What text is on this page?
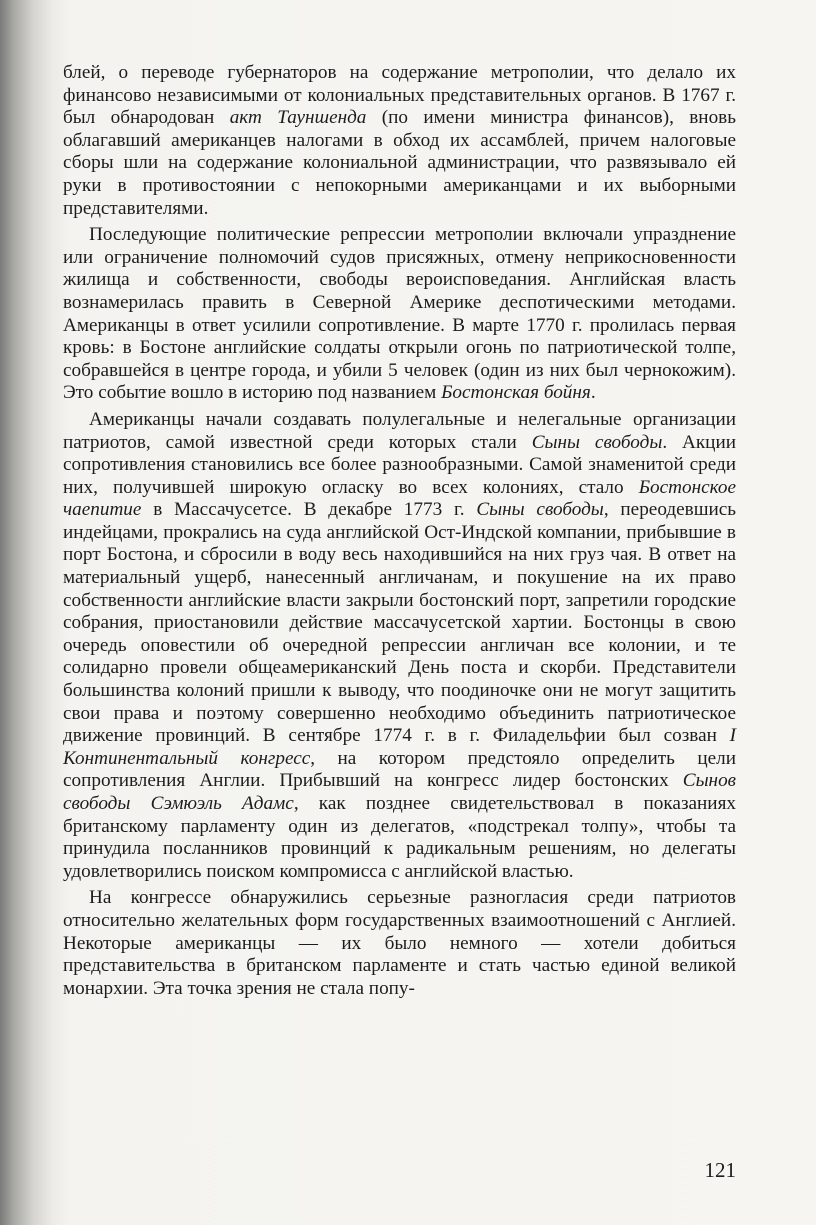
блей, о переводе губернаторов на содержание метрополии, что делало их финансово независимыми от колониальных представительных органов. В 1767 г. был обнародован акт Тауншенда (по имени министра финансов), вновь облагавший американцев налогами в обход их ассамблей, причем налоговые сборы шли на содержание колониальной администрации, что развязывало ей руки в противостоянии с непокорными американцами и их выборными представителями.

Последующие политические репрессии метрополии включали упразднение или ограничение полномочий судов присяжных, отмену неприкосновенности жилища и собственности, свободы вероисповедания. Английская власть вознамерилась править в Северной Америке деспотическими методами. Американцы в ответ усилили сопротивление. В марте 1770 г. пролилась первая кровь: в Бостоне английские солдаты открыли огонь по патриотической толпе, собравшейся в центре города, и убили 5 человек (один из них был чернокожим). Это событие вошло в историю под названием Бостонская бойня.

Американцы начали создавать полулегальные и нелегальные организации патриотов, самой известной среди которых стали Сыны свободы. Акции сопротивления становились все более разнообразными. Самой знаменитой среди них, получившей широкую огласку во всех колониях, стало Бостонское чаепитие в Массачусетсе. В декабре 1773 г. Сыны свободы, переодевшись индейцами, прокрались на суда английской Ост-Индской компании, прибывшие в порт Бостона, и сбросили в воду весь находившийся на них груз чая. В ответ на материальный ущерб, нанесенный англичанам, и покушение на их право собственности английские власти закрыли бостонский порт, запретили городские собрания, приостановили действие массачусетской хартии. Бостонцы в свою очередь оповестили об очередной репрессии англичан все колонии, и те солидарно провели общеамериканский День поста и скорби. Представители большинства колоний пришли к выводу, что поодиночке они не могут защитить свои права и поэтому совершенно необходимо объединить патриотическое движение провинций. В сентябре 1774 г. в г. Филадельфии был созван I Континентальный конгресс, на котором предстояло определить цели сопротивления Англии. Прибывший на конгресс лидер бостонских Сынов свободы Сэмюэль Адамс, как позднее свидетельствовал в показаниях британскому парламенту один из делегатов, «подстрекал толпу», чтобы та принудила посланников провинций к радикальным решениям, но делегаты удовлетворились поиском компромисса с английской властью.

На конгрессе обнаружились серьезные разногласия среди патриотов относительно желательных форм государственных взаимоотношений с Англией. Некоторые американцы — их было немного — хотели добиться представительства в британском парламенте и стать частью единой великой монархии. Эта точка зрения не стала попу-

121
